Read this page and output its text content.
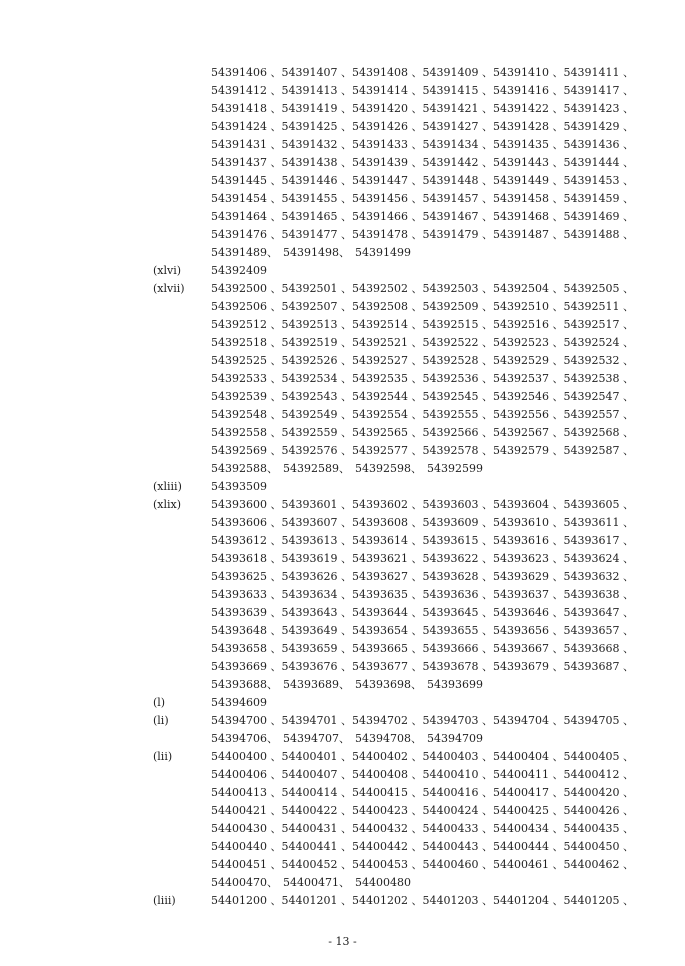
54391406 、 54391407 、 54391408 、 54391409 、 54391410 、 54391411 、
54391412 、 54391413 、 54391414 、 54391415 、 54391416 、 54391417 、
54391418 、 54391419 、 54391420 、 54391421 、 54391422 、 54391423 、
54391424 、 54391425 、 54391426 、 54391427 、 54391428 、 54391429 、
54391431 、 54391432 、 54391433 、 54391434 、 54391435 、 54391436 、
54391437 、 54391438 、 54391439 、 54391442 、 54391443 、 54391444 、
54391445 、 54391446 、 54391447 、 54391448 、 54391449 、 54391453 、
54391454 、 54391455 、 54391456 、 54391457 、 54391458 、 54391459 、
54391464 、 54391465 、 54391466 、 54391467 、 54391468 、 54391469 、
54391476 、 54391477 、 54391478 、 54391479 、 54391487 、 54391488 、
54391489、 54391498、 54391499
(xlvi)	54392409
(xlvii)	54392500 、 54392501 、 54392502 、 54392503 、 54392504 、 54392505 、
54392506 、 54392507 、 54392508 、 54392509 、 54392510 、 54392511 、
54392512 、 54392513 、 54392514 、 54392515 、 54392516 、 54392517 、
54392518 、 54392519 、 54392521 、 54392522 、 54392523 、 54392524 、
54392525 、 54392526 、 54392527 、 54392528 、 54392529 、 54392532 、
54392533 、 54392534 、 54392535 、 54392536 、 54392537 、 54392538 、
54392539 、 54392543 、 54392544 、 54392545 、 54392546 、 54392547 、
54392548 、 54392549 、 54392554 、 54392555 、 54392556 、 54392557 、
54392558 、 54392559 、 54392565 、 54392566 、 54392567 、 54392568 、
54392569 、 54392576 、 54392577 、 54392578 、 54392579 、 54392587 、
54392588、 54392589、 54392598、 54392599
(xliii)	54393509
(xlix)	54393600 、 54393601 、 54393602 、 54393603 、 54393604 、 54393605 、
54393606 、 54393607 、 54393608 、 54393609 、 54393610 、 54393611 、
54393612 、 54393613 、 54393614 、 54393615 、 54393616 、 54393617 、
54393618 、 54393619 、 54393621 、 54393622 、 54393623 、 54393624 、
54393625 、 54393626 、 54393627 、 54393628 、 54393629 、 54393632 、
54393633 、 54393634 、 54393635 、 54393636 、 54393637 、 54393638 、
54393639 、 54393643 、 54393644 、 54393645 、 54393646 、 54393647 、
54393648 、 54393649 、 54393654 、 54393655 、 54393656 、 54393657 、
54393658 、 54393659 、 54393665 、 54393666 、 54393667 、 54393668 、
54393669 、 54393676 、 54393677 、 54393678 、 54393679 、 54393687 、
54393688、 54393689、 54393698、 54393699
(l)	54394609
(li)	54394700 、 54394701 、 54394702 、 54394703 、 54394704 、 54394705 、
54394706、 54394707、 54394708、 54394709
(lii)	54400400 、 54400401 、 54400402 、 54400403 、 54400404 、 54400405 、
54400406 、 54400407 、 54400408 、 54400410 、 54400411 、 54400412 、
54400413 、 54400414 、 54400415 、 54400416 、 54400417 、 54400420 、
54400421 、 54400422 、 54400423 、 54400424 、 54400425 、 54400426 、
54400430 、 54400431 、 54400432 、 54400433 、 54400434 、 54400435 、
54400440 、 54400441 、 54400442 、 54400443 、 54400444 、 54400450 、
54400451 、 54400452 、 54400453 、 54400460 、 54400461 、 54400462 、
54400470、 54400471、 54400480
(liii)	54401200 、 54401201 、 54401202 、 54401203 、 54401204 、 54401205 、
- 13 -
